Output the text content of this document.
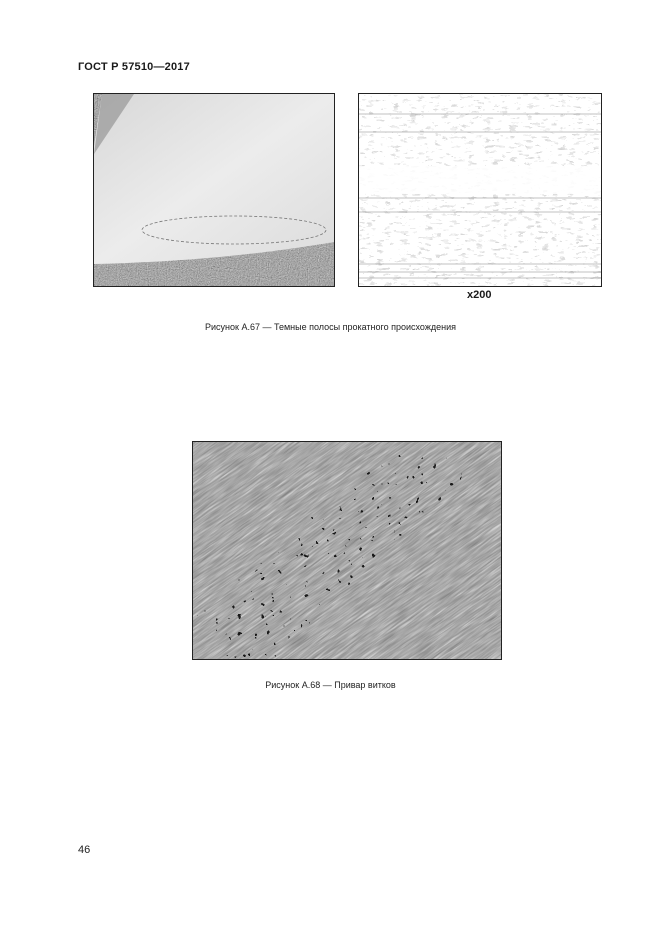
ГОСТ Р 57510—2017
x200
Рисунок А.67 — Темные полосы прокатного происхождения
Рисунок А.68 — Привар витков
46
